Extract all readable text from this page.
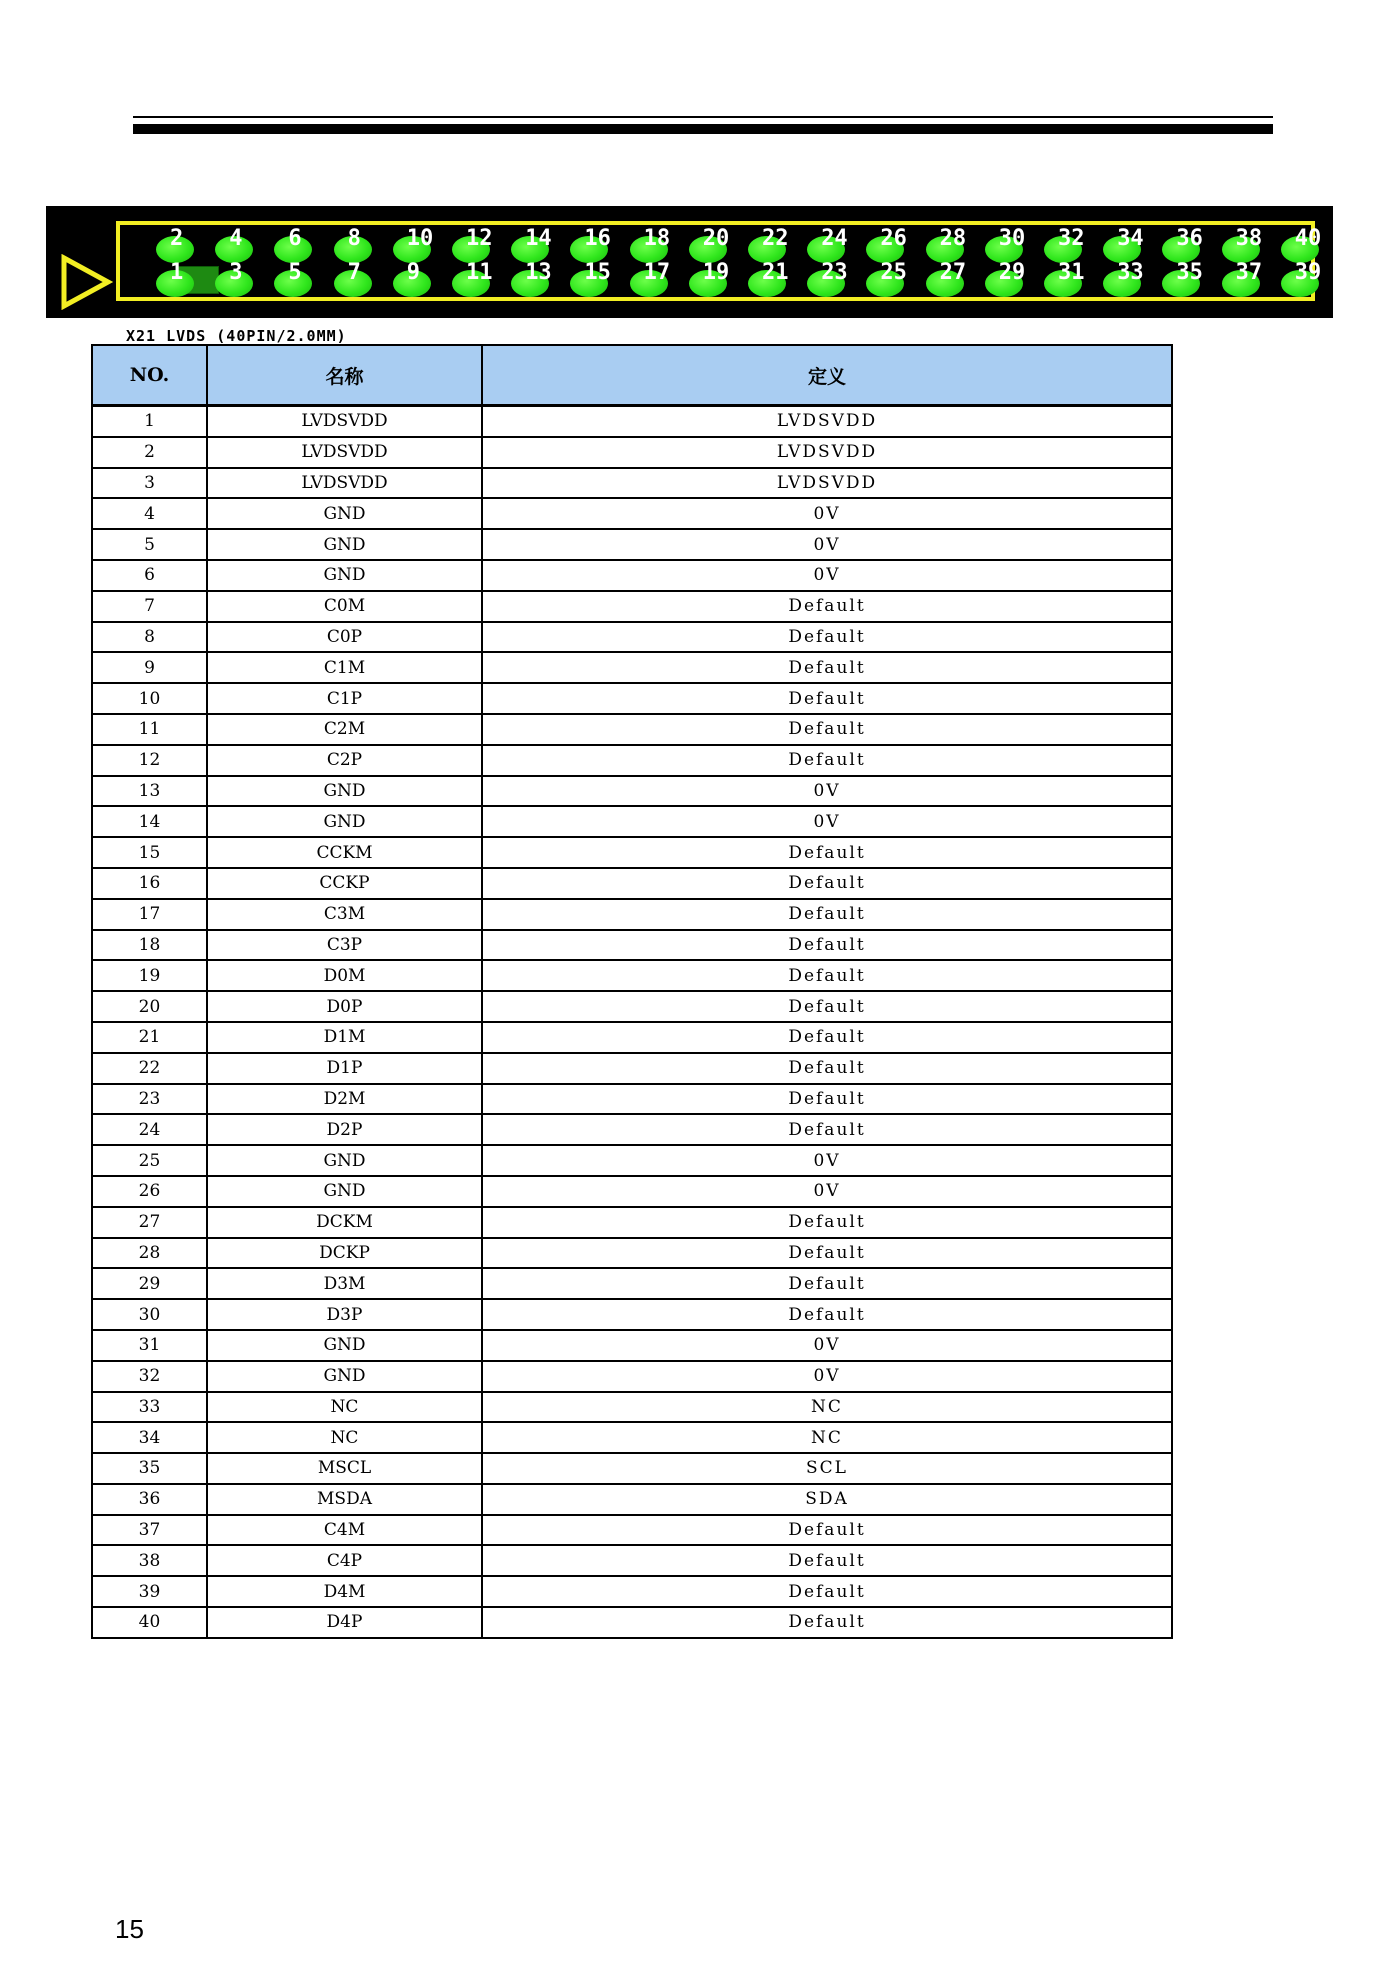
2	4	6	8	10	12	14	16	18	20	22	24	26	28	30	32	34	36	38	40
1	3	5	7	9	11	13	15	17	19	21	23	25	27	29	31	33	35	37	39
X21 LVDS (40PIN/2.0MM)
NO.	名称	定义
1	LVDSVDD	LVDSVDD
2	LVDSVDD	LVDSVDD
3	LVDSVDD	LVDSVDD
4	GND	0V
5	GND	0V
6	GND	0V
7	C0M	Default
8	C0P	Default
9	C1M	Default
10	C1P	Default
11	C2M	Default
12	C2P	Default
13	GND	0V
14	GND	0V
15	CCKM	Default
16	CCKP	Default
17	C3M	Default
18	C3P	Default
19	D0M	Default
20	D0P	Default
21	D1M	Default
22	D1P	Default
23	D2M	Default
24	D2P	Default
25	GND	0V
26	GND	0V
27	DCKM	Default
28	DCKP	Default
29	D3M	Default
30	D3P	Default
31	GND	0V
32	GND	0V
33	NC	NC
34	NC	NC
35	MSCL	SCL
36	MSDA	SDA
37	C4M	Default
38	C4P	Default
39	D4M	Default
40	D4P	Default
15
